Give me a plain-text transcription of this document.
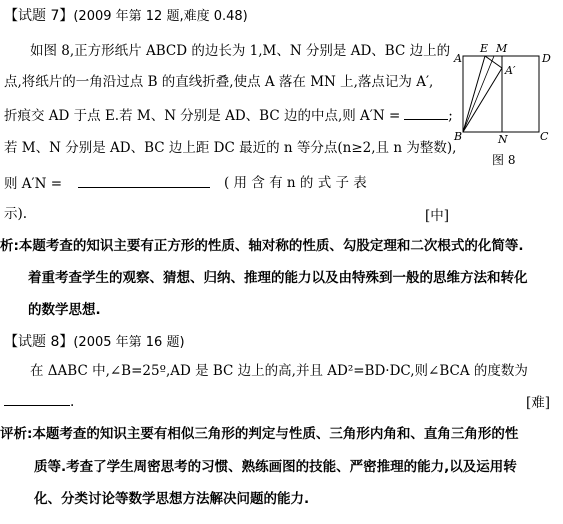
【试题 7】(2009 年第 12 题,难度 0.48)
如图 8,正方形纸片 ABCD 的边长为 1,M、N 分别是 AD、BC 边上的
点,将纸片的一角沿过点 B 的直线折叠,使点 A 落在 MN 上,落点记为 A′,
折痕交 AD 于点 E.若 M、N 分别是 AD、BC 边的中点,则 A′N =	;
若 M、N 分别是 AD、BC 边上距 DC 最近的 n 等分点(n≥2,且 n 为整数),
则 A′N =	( 用 含 有 n 的 式 子 表
示).	[中]
A
E M
D
A′
B	N	C
图 8
析:本题考查的知识主要有正方形的性质、轴对称的性质、勾股定理和二次根式的化简等.
着重考查学生的观察、猜想、归纳、推理的能力以及由特殊到一般的思维方法和转化
的数学思想.
【试题 8】(2005 年第 16 题)
在 ΔABC 中,∠B=25º,AD 是 BC 边上的高,并且 AD²=BD·DC,则∠BCA 的度数为
.	[难]
评析:本题考查的知识主要有相似三角形的判定与性质、三角形内角和、直角三角形的性
质等.考查了学生周密思考的习惯、熟练画图的技能、严密推理的能力,以及运用转
化、分类讨论等数学思想方法解决问题的能力.
